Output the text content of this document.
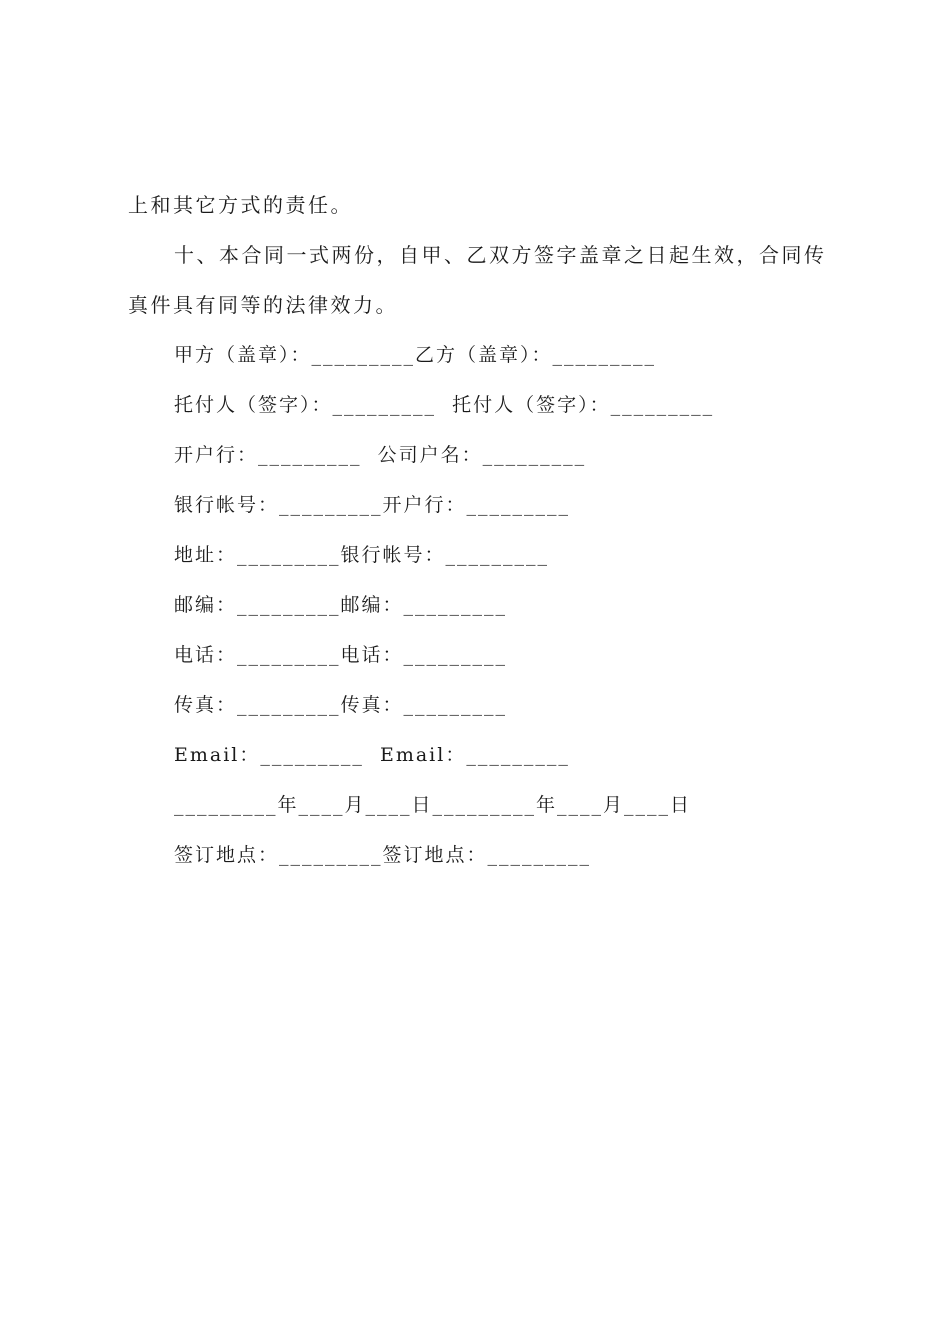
上和其它方式的责任。
十、本合同一式两份，自甲、乙双方签字盖章之日起生效，合同传
真件具有同等的法律效力。
甲方（盖章）：_________乙方（盖章）：_________
托付人（签字）：_________  托付人（签字）：_________
开户行：_________  公司户名：_________
银行帐号：_________开户行：_________
地址：_________银行帐号：_________
邮编：_________邮编：_________
电话：_________电话：_________
传真：_________传真：_________
Email：_________  Email：_________
_________年____月____日_________年____月____日
签订地点：_________签订地点：_________
